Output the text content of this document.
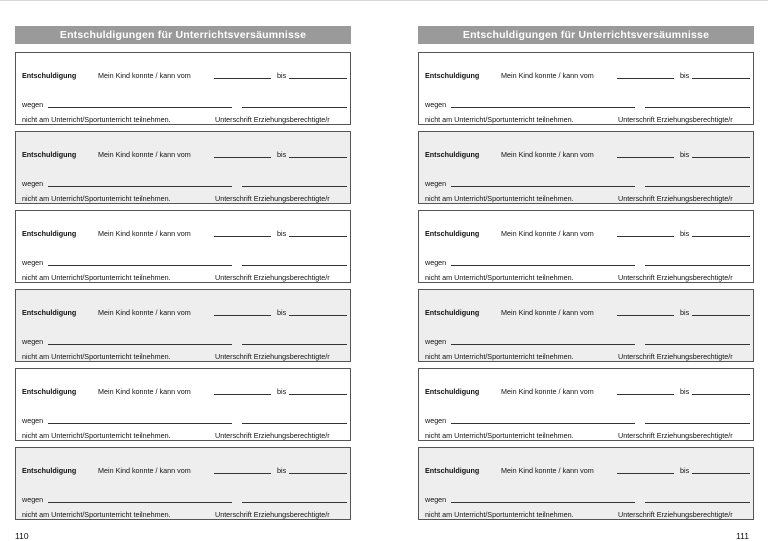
Entschuldigungen für Unterrichtsversäumnisse
Entschuldigung	Mein Kind konnte / kann vom	bis
wegen
nicht am Unterricht/Sportunterricht teilnehmen.	Unterschrift Erziehungsberechtigte/r
Entschuldigung	Mein Kind konnte / kann vom	bis
wegen
nicht am Unterricht/Sportunterricht teilnehmen.	Unterschrift Erziehungsberechtigte/r
Entschuldigung	Mein Kind konnte / kann vom	bis
wegen
nicht am Unterricht/Sportunterricht teilnehmen.	Unterschrift Erziehungsberechtigte/r
Entschuldigung	Mein Kind konnte / kann vom	bis
wegen
nicht am Unterricht/Sportunterricht teilnehmen.	Unterschrift Erziehungsberechtigte/r
Entschuldigung	Mein Kind konnte / kann vom	bis
wegen
nicht am Unterricht/Sportunterricht teilnehmen.	Unterschrift Erziehungsberechtigte/r
Entschuldigung	Mein Kind konnte / kann vom	bis
wegen
nicht am Unterricht/Sportunterricht teilnehmen.	Unterschrift Erziehungsberechtigte/r
Entschuldigungen für Unterrichtsversäumnisse
Entschuldigung	Mein Kind konnte / kann vom	bis
wegen
nicht am Unterricht/Sportunterricht teilnehmen.	Unterschrift Erziehungsberechtigte/r
Entschuldigung	Mein Kind konnte / kann vom	bis
wegen
nicht am Unterricht/Sportunterricht teilnehmen.	Unterschrift Erziehungsberechtigte/r
Entschuldigung	Mein Kind konnte / kann vom	bis
wegen
nicht am Unterricht/Sportunterricht teilnehmen.	Unterschrift Erziehungsberechtigte/r
Entschuldigung	Mein Kind konnte / kann vom	bis
wegen
nicht am Unterricht/Sportunterricht teilnehmen.	Unterschrift Erziehungsberechtigte/r
Entschuldigung	Mein Kind konnte / kann vom	bis
wegen
nicht am Unterricht/Sportunterricht teilnehmen.	Unterschrift Erziehungsberechtigte/r
Entschuldigung	Mein Kind konnte / kann vom	bis
wegen
nicht am Unterricht/Sportunterricht teilnehmen.	Unterschrift Erziehungsberechtigte/r
110	111
